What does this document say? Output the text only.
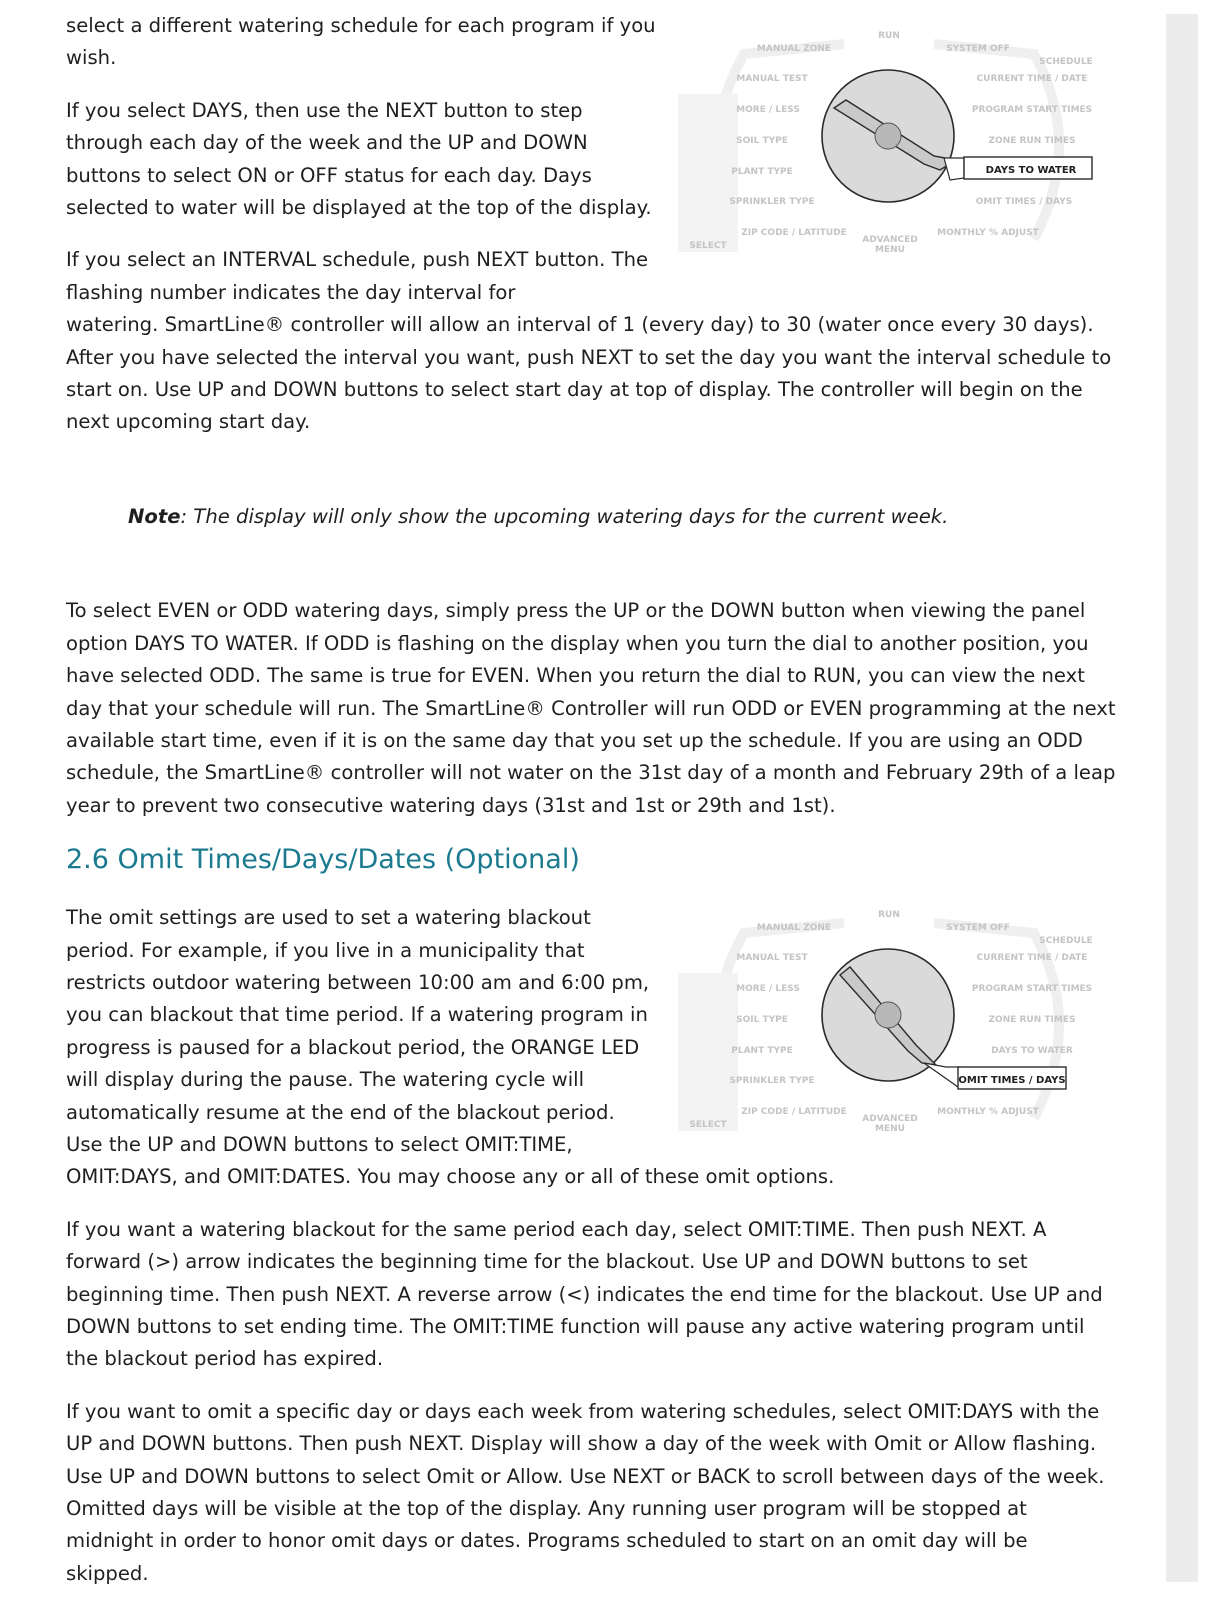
select a different watering schedule for each program if you wish.

If you select DAYS, then use the NEXT button to step through each day of the week and the UP and DOWN buttons to select ON or OFF status for each day. Days selected to water will be displayed at the top of the display.

If you select an INTERVAL schedule, push NEXT button. The flashing number indicates the day interval for

watering. SmartLine® controller will allow an interval of 1 (every day) to 30 (water once every 30 days). After you have selected the interval you want, push NEXT to set the day you want the interval schedule to start on. Use UP and DOWN buttons to select start day at top of display. The controller will begin on the next upcoming start day.

Note: The display will only show the upcoming watering days for the current week.

To select EVEN or ODD watering days, simply press the UP or the DOWN button when viewing the panel option DAYS TO WATER. If ODD is flashing on the display when you turn the dial to another position, you have selected ODD. The same is true for EVEN. When you return the dial to RUN, you can view the next day that your schedule will run. The SmartLine® Controller will run ODD or EVEN programming at the next available start time, even if it is on the same day that you set up the schedule. If you are using an ODD schedule, the SmartLine® controller will not water on the 31st day of a month and February 29th of a leap year to prevent two consecutive watering days (31st and 1st or 29th and 1st).

2.6 Omit Times/Days/Dates (Optional)

The omit settings are used to set a watering blackout period. For example, if you live in a municipality that restricts outdoor watering between 10:00 am and 6:00 pm, you can blackout that time period. If a watering program in progress is paused for a blackout period, the ORANGE LED will display during the pause. The watering cycle will automatically resume at the end of the blackout period. Use the UP and DOWN buttons to select OMIT:TIME,

OMIT:DAYS, and OMIT:DATES. You may choose any or all of these omit options.

If you want a watering blackout for the same period each day, select OMIT:TIME. Then push NEXT. A forward (>) arrow indicates the beginning time for the blackout. Use UP and DOWN buttons to set beginning time. Then push NEXT. A reverse arrow (<) indicates the end time for the blackout. Use UP and DOWN buttons to set ending time. The OMIT:TIME function will pause any active watering program until the blackout period has expired.

If you want to omit a specific day or days each week from watering schedules, select OMIT:DAYS with the UP and DOWN buttons. Then push NEXT. Display will show a day of the week with Omit or Allow flashing. Use UP and DOWN buttons to select Omit or Allow. Use NEXT or BACK to scroll between days of the week. Omitted days will be visible at the top of the display. Any running user program will be stopped at midnight in order to honor omit days or dates. Programs scheduled to start on an omit day will be skipped.

RUN
MANUAL ZONE
MANUAL TEST
MORE / LESS
SOIL TYPE
PLANT TYPE
SPRINKLER TYPE
ZIP CODE / LATITUDE
ADVANCED
MENU
SYSTEM OFF
SCHEDULE
CURRENT TIME / DATE
PROGRAM START TIMES
ZONE RUN TIMES
OMIT TIMES / DAYS
MONTHLY % ADJUST
SELECT
DAYS TO WATER
RUN
MANUAL ZONE
MANUAL TEST
MORE / LESS
SOIL TYPE
PLANT TYPE
SPRINKLER TYPE
ZIP CODE / LATITUDE
ADVANCED
MENU
SYSTEM OFF
SCHEDULE
CURRENT TIME / DATE
PROGRAM START TIMES
ZONE RUN TIMES
DAYS TO WATER
MONTHLY % ADJUST
SELECT
OMIT TIMES / DAYS
